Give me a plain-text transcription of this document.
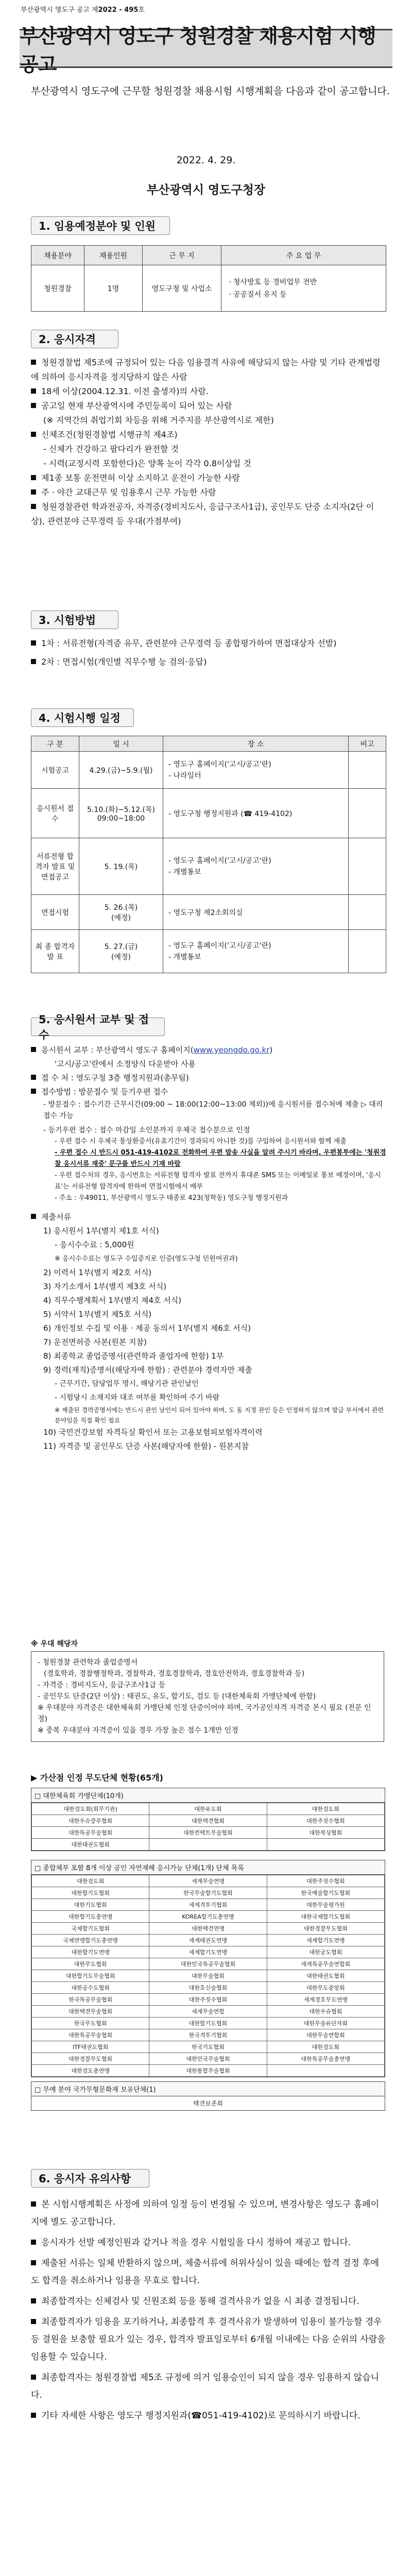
부산광역시 영도구 공고 제2022 - 495호
부산광역시 영도구 청원경찰 채용시험 시행공고
부산광역시 영도구에 근무할 청원경찰 채용시험 시행계획을 다음과 같이 공고합니다.
2022. 4. 29.
부산광역시 영도구청장
1. 임용예정분야 및 인원
채용분야	채용인원	근 무 지	주 요 업 무
청원경찰	1명	영도구청 및 사업소	· 청사방호 등 경비업무 전반
· 공공질서 유지 등
2. 응시자격
청원경찰법 제5조에 규정되어 있는 다음 임용결격 사유에 해당되지 않는 사람 및 기타 관계법령에 의하여 응시자격을 정지당하지 않은 사람
18세 이상(2004.12.31. 이전 출생자)의 사람.
공고일 현재 부산광역시에 주민등록이 되어 있는 사람
(※ 지역간의 취업기회 차등을 위해 거주지를 부산광역시로 제한)
신체조건(청원경찰법 시행규칙 제4조)
- 신체가 건강하고 팔다리가 완전할 것
- 시력(교정시력 포함한다)은 양쪽 눈이 각각 0.8이상일 것
제1종 보통 운전면허 이상 소지하고 운전이 가능한 사람
주 · 야간 교대근무 및 임용후시 근무 가능한 사람
청원경찰관련 학과전공자, 자격증(경비지도사, 응급구조사1급), 공인무도 단증 소지자(2단 이상), 관련분야 근무경력 등 우대(가점부여)
3. 시험방법
1차 : 서류전형(자격증 유무, 관련분야 근무경력 등 종합평가하여 면접대상자 선발)
2차 : 면접시험(개인별 직무수행 능 검의·응답)
4. 시험시행 일정
구 분	일 시	장 소	비고
시험공고	4.29.(금)~5.9.(월)	- 영도구 홈페이지('고시/공고'란)
- 나라일터	
응시원서 접 수	5.10.(화)~5.12.(목)
09:00~18:00	- 영도구청 행정지원과 (☎ 419-4102)	
서류전형 합격자 발표 및 면접공고	5. 19.(목)	- 영도구 홈페이지('고시/공고'란)
- 개별통보	
면접시험	5. 26.(목)
(예정)	- 영도구청 제2소회의실	
최 종 합격자 발 표	5. 27.(금)
(예정)	- 영도구 홈페이지('고시/공고'란)
- 개별통보	
5. 응시원서 교부 및 접수
응시원서 교부 : 부산광역시 영도구 홈페이지(www.yeongdo.go.kr)
'고시/공고'란에서 소정양식 다운받아 사용
접 수 처 : 영도구청 3층 행정지원과(총무팀)
접수방법 : 방문접수 및 등기우편 접수
- 방문접수 : 접수기간 근무시간(09:00 ~ 18:00(12:00~13:00 제외))에 응시원서를 접수처에 제출 ▷ 대리접수 가능
- 등기우편 접수 : 접수 마감일 소인분까지 우체국 접수분으로 인정
- 우편 접수 시 우체국 통상환증서(유효기간이 경과되지 아니한 것)를 구입하여 응시원서와 함께 제출
- 우편 접수 시 반드시 051-419-4102로 전화하여 우편 발송 사실을 알려 주시기 바라며, 우편봉투에는 '청원경찰 응시서류 재중' 문구를 반드시 기재 바람
- 우편 접수처의 경우, 응시번호는 서류전형 합격자 발표 전까지 휴대폰 SMS 또는 이메일로 통보 예정이며, '응시표'는 서류전형 합격자에 한하여 면접시험에서 배부
- 주소 : 우49011, 부산광역시 영도구 태종로 423(청학동) 영도구청 행정지원과
제출서류
1) 응시원서 1부(별지 제1호 서식)
- 응시수수료 : 5,000원
※ 응시수수료는 영도구 수입증지로 인증(영도구청 민원여권과)
2) 이력서 1부(별지 제2호 서식)
3) 자기소개서 1부(별지 제3호 서식)
4) 직무수행계획서 1부(별지 제4호 서식)
5) 서약서 1부(별지 제5호 서식)
6) 개인정보 수집 및 이용 · 제공 동의서 1부(별지 제6호 서식)
7) 운전면허증 사본(원본 지참)
8) 최종학교 졸업증명서(관련학과 졸업자에 한함) 1부
9) 경력(재직)증명서(해당자에 한함) : 관련분야 경력자만 제출
- 근무기간, 담당업무 명시, 해당기관 관인날인
- 시험당시 소재지와 대조 여부를 확인하여 주기 바람
※ 제출된 경력증명서에는 반드시 관인 날인이 되어 있어야 하며, 도 동 지정 관인 등은 인정하지 않으며 발급 부서에서 관련 분야임을 직접 확인 필요
10) 국민건강보험 자격득실 확인서 또는 고용보험피보험자격이력
11) 자격증 및 공인무도 단증 사본(해당자에 한함) - 원본지참
※ 우대 해당자
- 청원경찰 관련학과 졸업증명서
(경호학과, 경찰행정학과, 경찰학과, 경호경찰학과, 경호안전학과, 경호경찰학과 등)
- 자격증 : 경비지도사, 응급구조사1급 등
- 공인무도 단증(2단 이상) : 태권도, 유도, 합기도, 검도 등 (대한체육회 가맹단체에 한함)
※ 우대분야 자격증은 대한체육회 가맹단체 인정 단증이어야 하며, 국가공인자격 자격증 본시 필요 (전문 인정)
※ 중복 우대분야 자격증이 있을 경우 가장 높은 점수 1개만 인정
▶ 가산점 인정 무도단체 현황(65개)
□ 대한체육회 가맹단체(10개)
대한검도회(회무기관)	대한유도회	대한검도회
대한우슈쿵푸협회	대한택견협회	대한주짓수협회
대한특공무술협회	대한컨택트무술협회	대한복싱협회
대한태권도협회		
□ 종합체부 포함 8개 이상 공인 자연재해 응시가능 단체(1개) 단체 목록
대한검도회	세계무술연맹	대한주짓수협회
대한합기도협회	한국무술합기도협회	한국예술합기도협회
대한기도협회	세계격투기협회	대한무술평가원
대한합기도총연맹	KOREA합기도총연맹	대한국제합기도협회
국제합기도협회	대한택견연맹	대한경찰무도협회
국제연맹합기도총연맹	세계태권도연맹	세계합기도연맹
대한합기도연맹	세계합기도연맹	대한궁도협회
대한무도협회	대한민국특공무술협회	세계특공무술연합회
대한합기도무술협회	대한무술협회	대한태권도협회
대한공수도협회	대한호신술협회	대한무도중앙회
한국특공무술협회	대한주짓수협회	세계경호무도연맹
대한택견무술협회	세계무술연합	대한우슈협회
한국무도협회	대한합기도협회	대한무술유단자회
대한특공무술협회	한국격투기협회	대한무술연합회
ITF태권도협회	한국기도협회	대한검도회
대한경찰무도협회	대한민국무술협회	대한특공무술총연맹
대한검도총연맹	대한통합무술협회	
□ 무예 분야 국가무형문화재 보유단체(1)
택견보존회
6. 응시자 유의사항
본 시험시행계획은 사정에 의하여 일정 등이 변경될 수 있으며, 변경사항은 영도구 홈페이지에 별도 공고합니다.
응시자가 선발 예정인원과 같거나 적을 경우 시험일을 다시 정하여 재공고 합니다.
제출된 서류는 일체 반환하지 않으며, 제출서류에 허위사실이 있을 때에는 합격 결정 후에도 합격을 취소하거나 임용을 무효로 합니다.
최종합격자는 신체검사 및 신원조회 등을 통해 결격사유가 없을 시 최종 결정됩니다.
최종합격자가 임용을 포기하거나, 최종합격 후 결격사유가 발생하여 임용이 불가능할 경우 등 결원을 보충할 필요가 있는 경우, 합격자 발표일로부터 6개월 이내에는 다음 순위의 사람을 임용할 수 있습니다.
최종합격자는 청원경찰법 제5조 규정에 의거 임용승인이 되지 않을 경우 임용하지 않습니다.
기타 자세한 사항은 영도구 행정지원과(☎051-419-4102)로 문의하시기 바랍니다.
